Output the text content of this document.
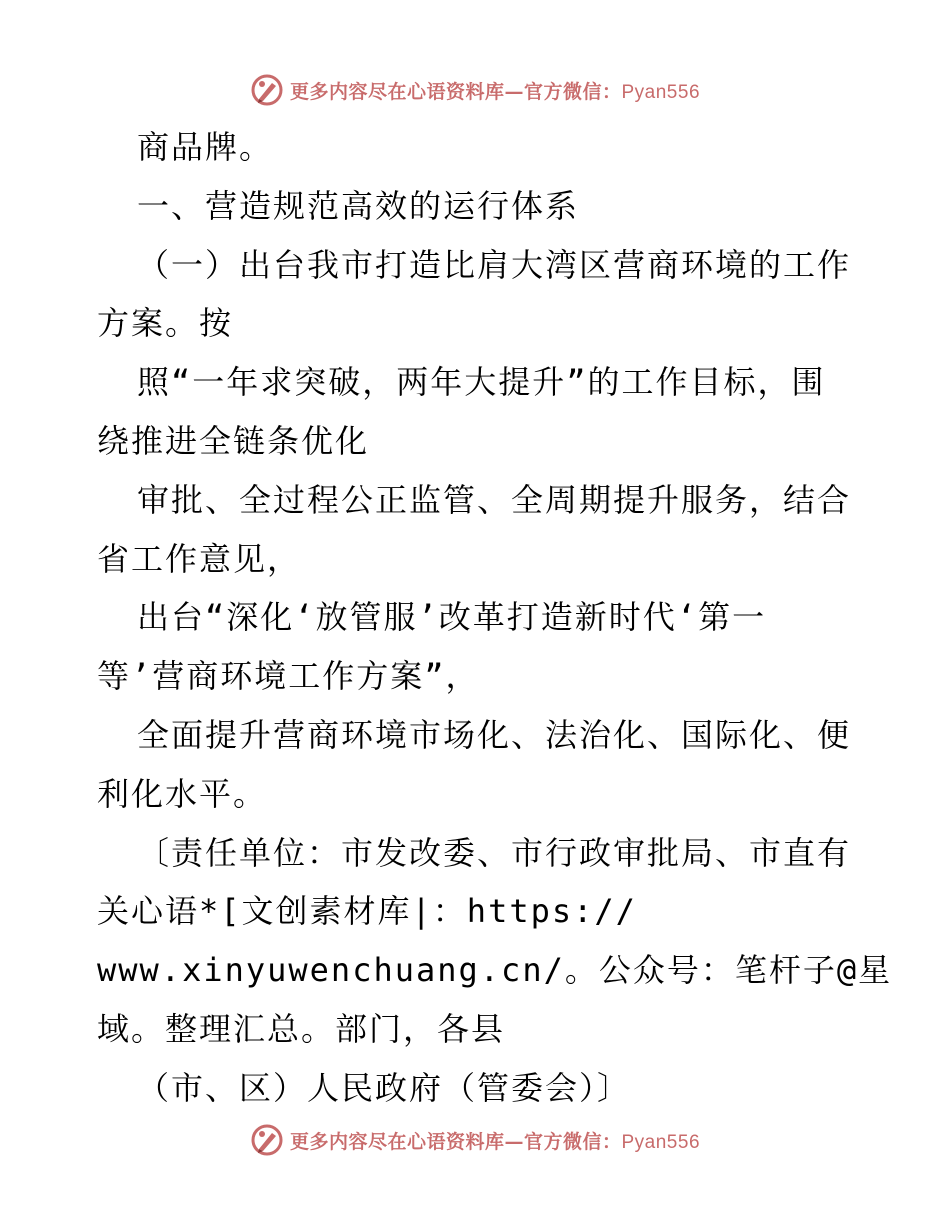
更多内容尽在心语资料库—官方微信：Pyan556
商品牌。
一、营造规范高效的运行体系
（一）出台我市打造比肩大湾区营商环境的工作
方案。按
照“一年求突破，两年大提升”的工作目标，围
绕推进全链条优化
审批、全过程公正监管、全周期提升服务，结合
省工作意见，
出台“深化‘放管服’改革打造新时代‘第一
等’营商环境工作方案”，
全面提升营商环境市场化、法治化、国际化、便
利化水平。
〔责任单位：市发改委、市行政审批局、市直有
关心语*[文创素材库|：https://
www.xinyuwenchuang.cn/。公众号：笔杆子@星
域。整理汇总。部门，各县
（市、区）人民政府（管委会）〕
更多内容尽在心语资料库—官方微信：Pyan556
